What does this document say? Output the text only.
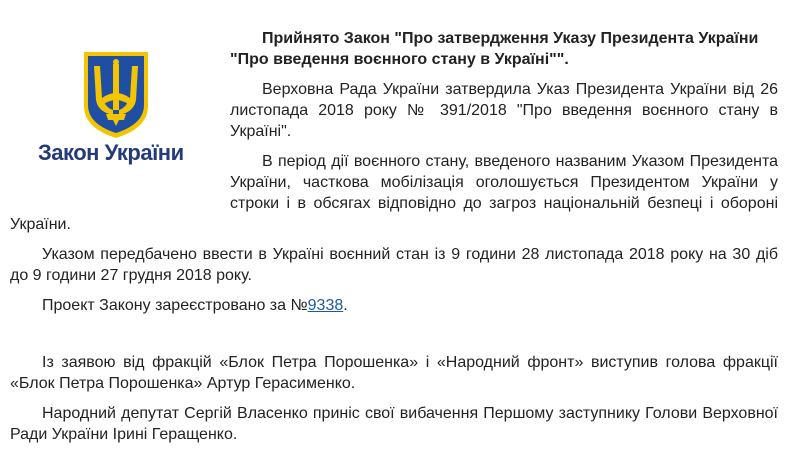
Закон України

Прийнято Закон "Про затвердження Указу Президента України "Про введення воєнного стану в Україні"".

Верховна Рада України затвердила Указ Президента України від 26 листопада 2018 року № 391/2018 "Про введення воєнного стану в Україні".

В період дії воєнного стану, введеного названим Указом Президента України, часткова мобілізація оголошується Президентом України у строки і в обсягах відповідно до загроз національній безпеці і обороні України.

Указом передбачено ввести в Україні воєнний стан із 9 години 28 листопада 2018 року на 30 діб до 9 години 27 грудня 2018 року.

Проект Закону зареєстровано за №9338.

Із заявою від фракцій «Блок Петра Порошенка» і «Народний фронт» виступив голова фракції «Блок Петра Порошенка» Артур Герасименко.

Народний депутат Сергій Власенко приніс свої вибачення Першому заступнику Голови Верховної Ради України Ірині Геращенко.
